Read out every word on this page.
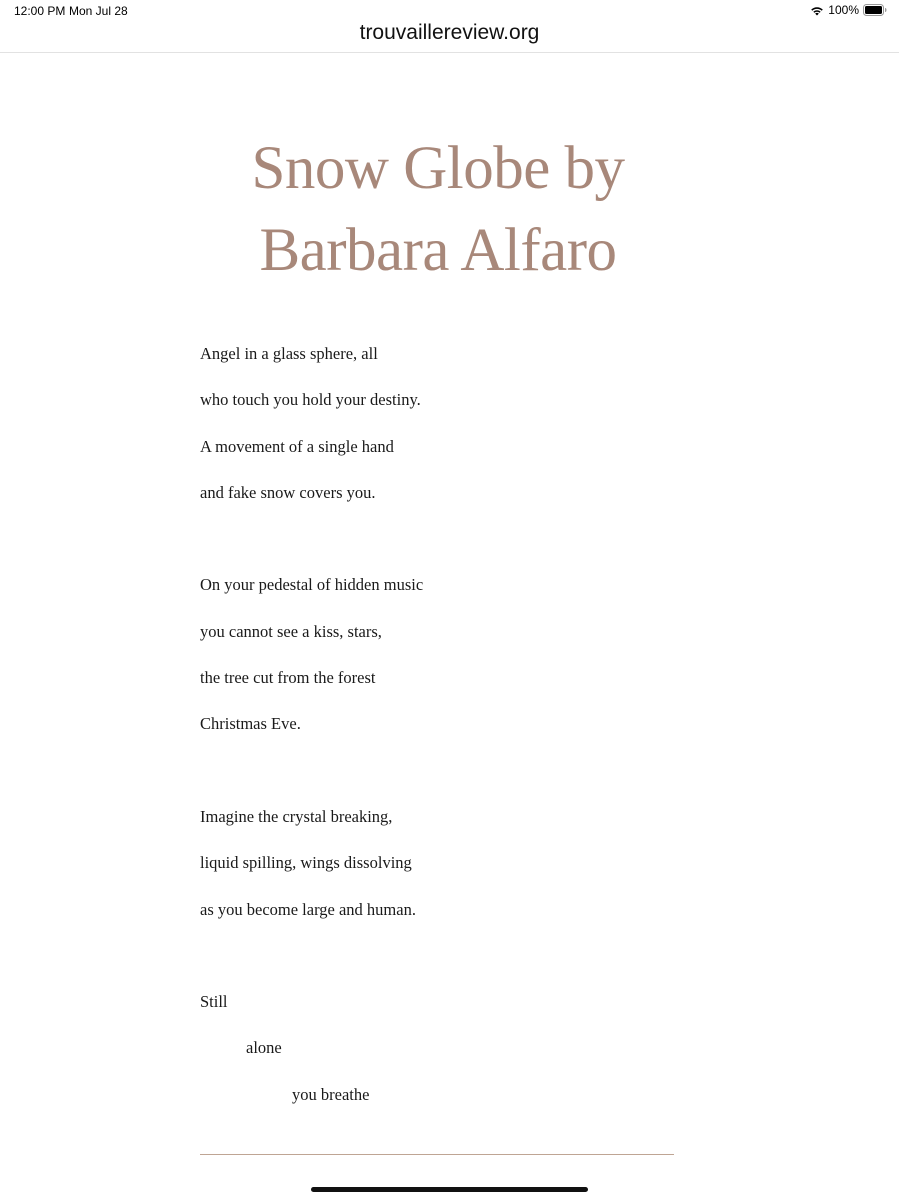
12:00 PM Mon Jul 28	100%
trouvaillereview.org
Snow Globe by
Barbara Alfaro
Angel in a glass sphere, all
who touch you hold your destiny.
A movement of a single hand
and fake snow covers you.
On your pedestal of hidden music
you cannot see a kiss, stars,
the tree cut from the forest
Christmas Eve.
Imagine the crystal breaking,
liquid spilling, wings dissolving
as you become large and human.
Still
alone
you breathe
